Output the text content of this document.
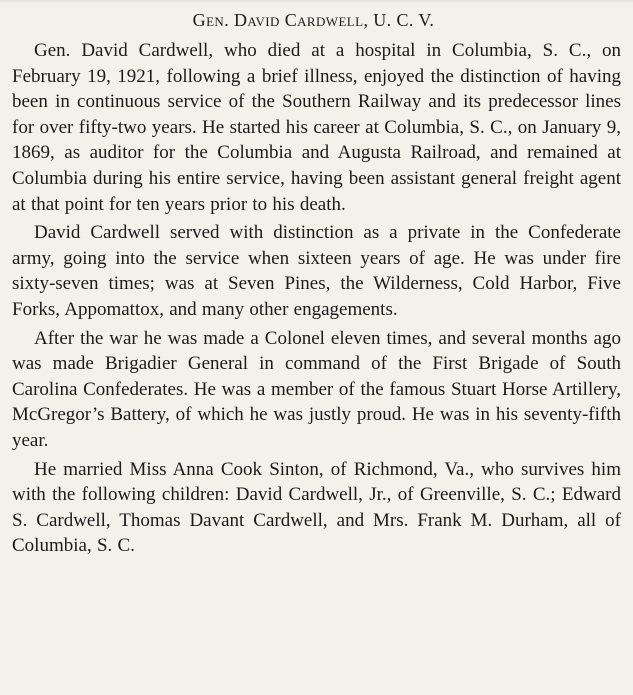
Gen. David Cardwell, U. C. V.

Gen. David Cardwell, who died at a hospital in Columbia, S. C., on February 19, 1921, following a brief illness, enjoyed the distinction of having been in continuous service of the Southern Railway and its predecessor lines for over fifty-two years. He started his career at Columbia, S. C., on January 9, 1869, as auditor for the Columbia and Augusta Railroad, and remained at Columbia during his entire service, having been assistant general freight agent at that point for ten years prior to his death.

David Cardwell served with distinction as a private in the Confederate army, going into the service when sixteen years of age. He was under fire sixty-seven times; was at Seven Pines, the Wilderness, Cold Harbor, Five Forks, Appomattox, and many other engagements.

After the war he was made a Colonel eleven times, and several months ago was made Brigadier General in command of the First Brigade of South Carolina Confederates. He was a member of the famous Stuart Horse Artillery, McGregor’s Battery, of which he was justly proud. He was in his seventy-fifth year.

He married Miss Anna Cook Sinton, of Richmond, Va., who survives him with the following children: David Cardwell, Jr., of Greenville, S. C.; Edward S. Cardwell, Thomas Davant Cardwell, and Mrs. Frank M. Durham, all of Columbia, S. C.
